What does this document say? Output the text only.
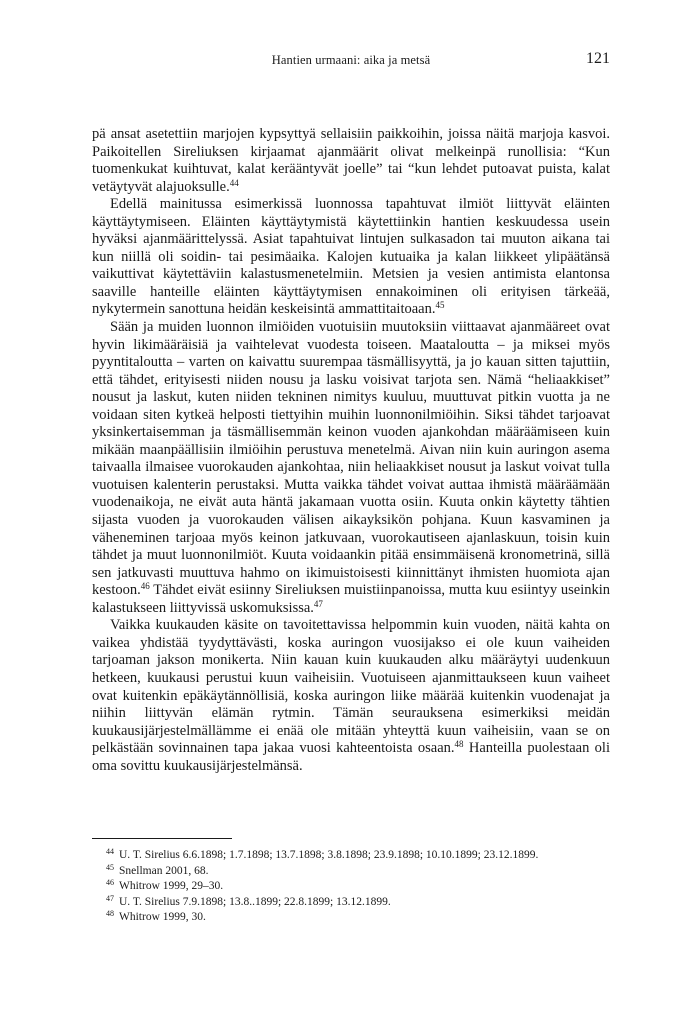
Hantien urmaani: aika ja metsä	121

pä ansat asetettiin marjojen kypsyttyä sellaisiin paikkoihin, joissa näitä marjoja kasvoi. Paikoitellen Sireliuksen kirjaamat ajanmäärit olivat melkeinpä runollisia: “Kun tuomenkukat kuihtuvat, kalat kerääntyvät joelle” tai “kun lehdet putoavat puista, kalat vetäytyvät alajuoksulle.$^{44}$

Edellä mainitussa esimerkissä luonnossa tapahtuvat ilmiöt liittyvät eläinten käyttäytymiseen. Eläinten käyttäytymistä käytettiinkin hantien keskuudessa usein hyväksi ajanmäärittelyssä. Asiat tapahtuivat lintujen sulkasadon tai muuton aikana tai kun niillä oli soidin- tai pesimäaika. Kalojen kutuaika ja kalan liikkeet ylipäätänsä vaikuttivat käytettäviin kalastusmenetelmiin. Metsien ja vesien antimista elantonsa saaville hanteille eläinten käyttäytymisen ennakoiminen oli erityisen tärkeää, nykytermein sanottuna heidän keskeisintä ammattitaitoaan.$^{45}$

Sään ja muiden luonnon ilmiöiden vuotuisiin muutoksiin viittaavat ajanmääreet ovat hyvin likimääräisiä ja vaihtelevat vuodesta toiseen. Maataloutta – ja miksei myös pyyntitaloutta – varten on kaivattu suurempaa täsmällisyyttä, ja jo kauan sitten tajuttiin, että tähdet, erityisesti niiden nousu ja lasku voisivat tarjota sen. Nämä “heliaakkiset” nousut ja laskut, kuten niiden tekninen nimitys kuuluu, muuttuvat pitkin vuotta ja ne voidaan siten kytkeä helposti tiettyihin muihin luonnonilmiöihin. Siksi tähdet tarjoavat yksinkertaisemman ja täsmällisemmän keinon vuoden ajankohdan määräämiseen kuin mikään maanpäällisiin ilmiöihin perustuva menetelmä. Aivan niin kuin auringon asema taivaalla ilmaisee vuorokauden ajankohtaa, niin heliaakkiset nousut ja laskut voivat tulla vuotuisen kalenterin perustaksi. Mutta vaikka tähdet voivat auttaa ihmistä määräämään vuodenaikoja, ne eivät auta häntä jakamaan vuotta osiin. Kuuta onkin käytetty tähtien sijasta vuoden ja vuorokauden välisen aikayksikön pohjana. Kuun kasvaminen ja väheneminen tarjoaa myös keinon jatkuvaan, vuorokautiseen ajanlaskuun, toisin kuin tähdet ja muut luonnonilmiöt. Kuuta voidaankin pitää ensimmäisenä kronometrinä, sillä sen jatkuvasti muuttuva hahmo on ikimuistoisesti kiinnittänyt ihmisten huomiota ajan kestoon.$^{46}$ Tähdet eivät esiinny Sireliuksen muistiinpanoissa, mutta kuu esiintyy useinkin kalastukseen liittyvissä uskomuksissa.$^{47}$

Vaikka kuukauden käsite on tavoitettavissa helpommin kuin vuoden, näitä kahta on vaikea yhdistää tyydyttävästi, koska auringon vuosijakso ei ole kuun vaiheiden tarjoaman jakson monikerta. Niin kauan kuin kuukauden alku määräytyi uudenkuun hetkeen, kuukausi perustui kuun vaiheisiin. Vuotuiseen ajanmittaukseen kuun vaiheet ovat kuitenkin epäkäytännöllisiä, koska auringon liike määrää kuitenkin vuodenajat ja niihin liittyvän elämän rytmin. Tämän seurauksena esimerkiksi meidän kuukausijärjestelmällämme ei enää ole mitään yhteyttä kuun vaiheisiin, vaan se on pelkästään sovinnainen tapa jakaa vuosi kahteentoista osaan.$^{48}$ Hanteilla puolestaan oli oma sovittu kuukausijärjestelmänsä.

$^{44}$ U. T. Sirelius 6.6.1898; 1.7.1898; 13.7.1898; 3.8.1898; 23.9.1898; 10.10.1899; 23.12.1899.
$^{45}$ Snellman 2001, 68.
$^{46}$ Whitrow 1999, 29–30.
$^{47}$ U. T. Sirelius 7.9.1898; 13.8..1899; 22.8.1899; 13.12.1899.
$^{48}$ Whitrow 1999, 30.
